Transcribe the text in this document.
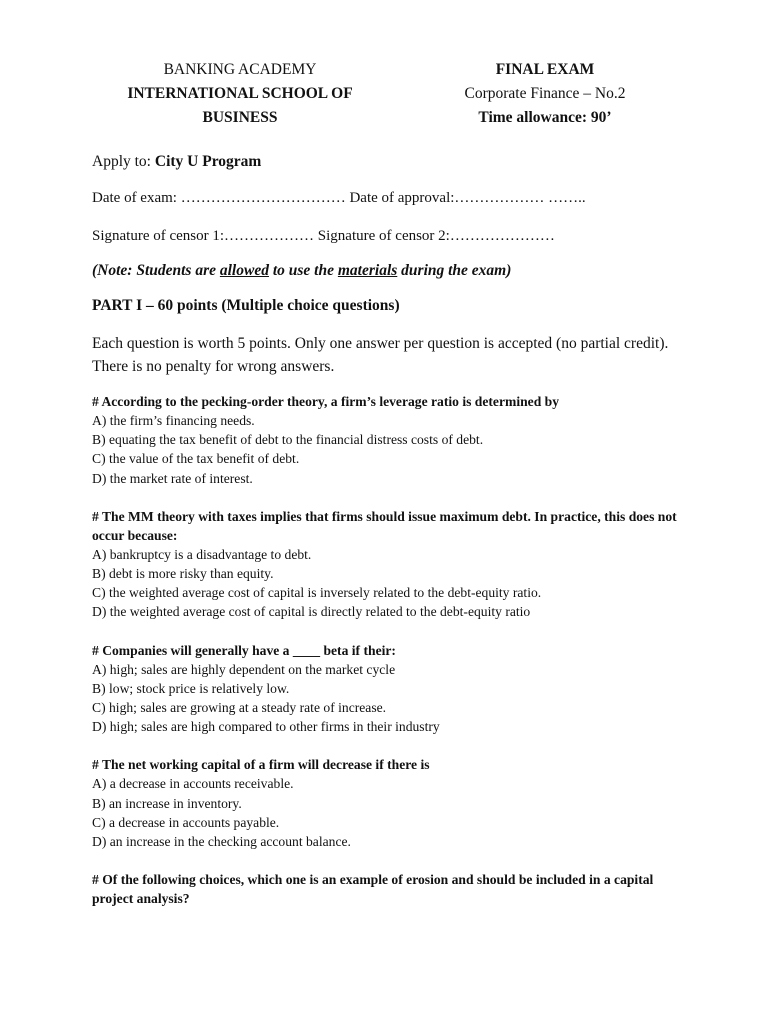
BANKING ACADEMY
INTERNATIONAL SCHOOL OF
BUSINESS
FINAL EXAM
Corporate Finance – No.2
Time allowance: 90’
Apply to: City U Program
Date of exam: …………………………… Date of approval:……………… ……..
Signature of censor 1:……………… Signature of censor 2:…………………
(Note: Students are allowed to use the materials during the exam)
PART I – 60 points (Multiple choice questions)
Each question is worth 5 points. Only one answer per question is accepted (no partial credit). There is no penalty for wrong answers.
# According to the pecking-order theory, a firm’s leverage ratio is determined by
A) the firm’s financing needs.
B) equating the tax benefit of debt to the financial distress costs of debt.
C) the value of the tax benefit of debt.
D) the market rate of interest.
# The MM theory with taxes implies that firms should issue maximum debt. In practice, this does not occur because:
A) bankruptcy is a disadvantage to debt.
B) debt is more risky than equity.
C) the weighted average cost of capital is inversely related to the debt-equity ratio.
D) the weighted average cost of capital is directly related to the debt-equity ratio
# Companies will generally have a ____ beta if their:
A) high; sales are highly dependent on the market cycle
B) low; stock price is relatively low.
C) high; sales are growing at a steady rate of increase.
D) high; sales are high compared to other firms in their industry
# The net working capital of a firm will decrease if there is
A) a decrease in accounts receivable.
B) an increase in inventory.
C) a decrease in accounts payable.
D) an increase in the checking account balance.
# Of the following choices, which one is an example of erosion and should be included in a capital project analysis?
